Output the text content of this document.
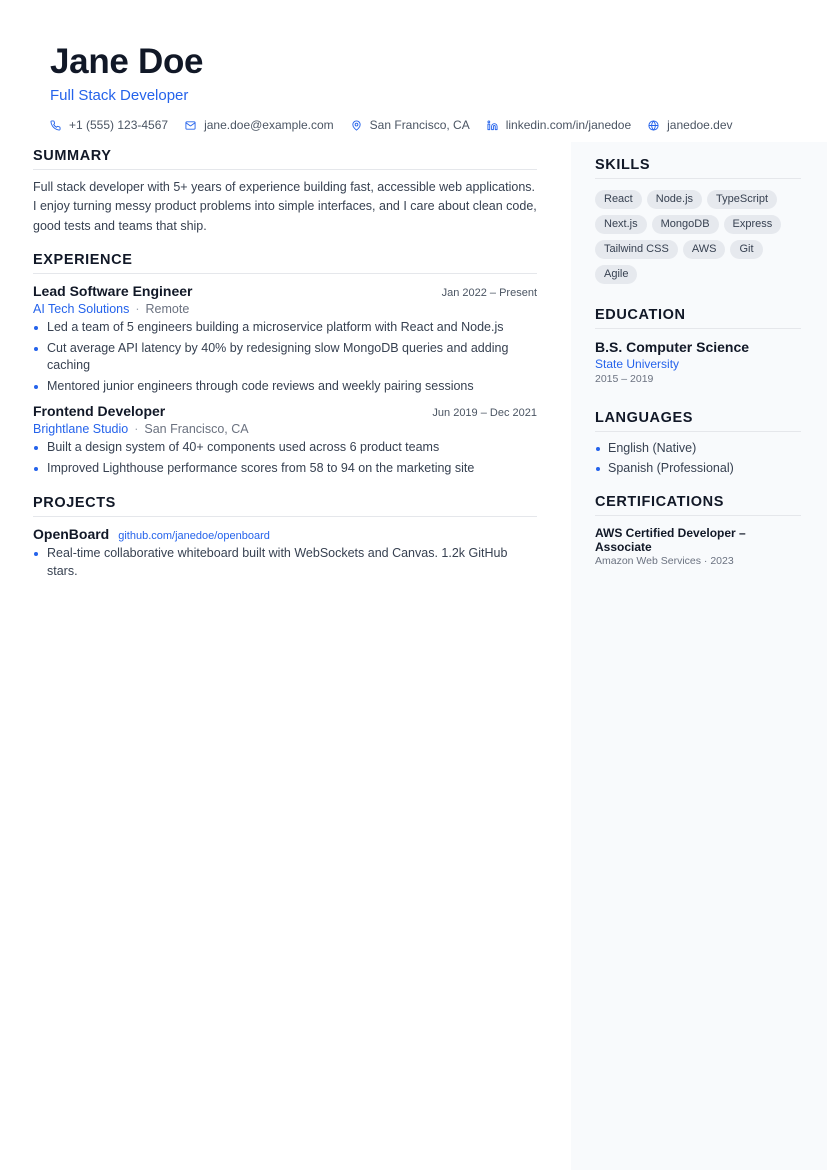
Jane Doe
Full Stack Developer
+1 (555) 123-4567	jane.doe@example.com	San Francisco, CA	linkedin.com/in/janedoe	janedoe.dev
SUMMARY

Full stack developer with 5+ years of experience building fast, accessible web applications. I enjoy turning messy product problems into simple interfaces, and I care about clean code, good tests and teams that ship.

EXPERIENCE
Lead Software Engineer	Jan 2022 – Present
AI Tech Solutions · Remote
Led a team of 5 engineers building a microservice platform with React and Node.js
Cut average API latency by 40% by redesigning slow MongoDB queries and adding caching
Mentored junior engineers through code reviews and weekly pairing sessions
Frontend Developer	Jun 2019 – Dec 2021
Brightlane Studio · San Francisco, CA
Built a design system of 40+ components used across 6 product teams
Improved Lighthouse performance scores from 58 to 94 on the marketing site
PROJECTS
OpenBoard github.com/janedoe/openboard
Real-time collaborative whiteboard built with WebSockets and Canvas. 1.2k GitHub stars.
SKILLS
React	Node.js	TypeScript
Next.js	MongoDB	Express
Tailwind CSS	AWS	Git
Agile
EDUCATION
B.S. Computer Science
State University
2015 – 2019
LANGUAGES
English (Native)
Spanish (Professional)
CERTIFICATIONS
AWS Certified Developer – Associate
Amazon Web Services · 2023
